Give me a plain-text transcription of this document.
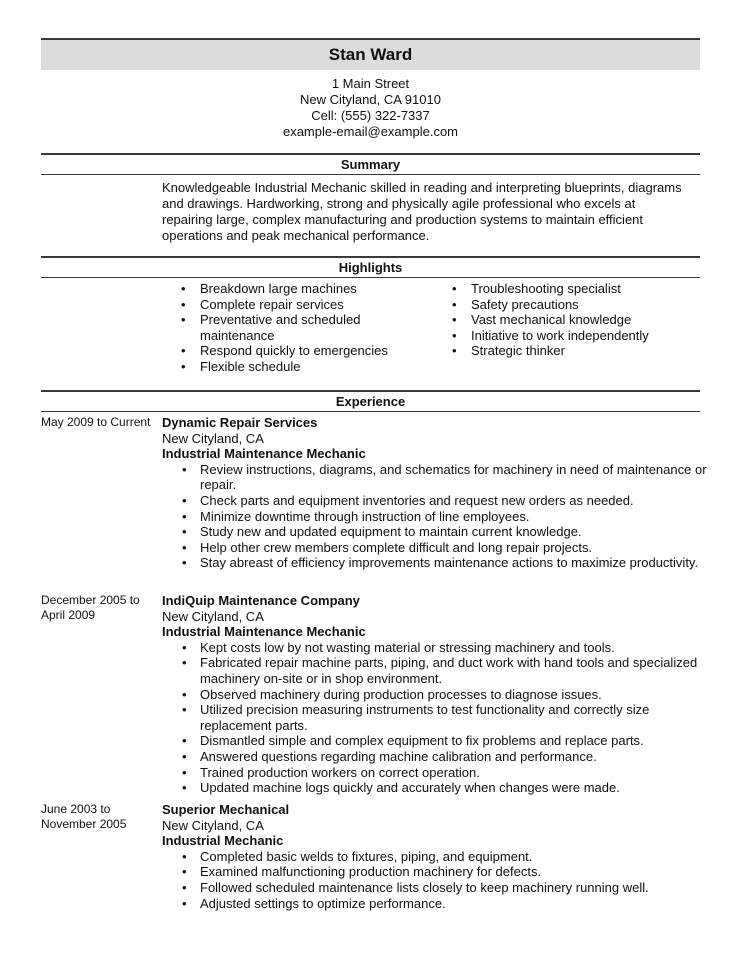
Stan Ward
1 Main Street
New Cityland, CA 91010
Cell: (555) 322-7337
example-email@example.com
Summary
Knowledgeable Industrial Mechanic skilled in reading and interpreting blueprints, diagrams
and drawings. Hardworking, strong and physically agile professional who excels at
repairing large, complex manufacturing and production systems to maintain efficient
operations and peak mechanical performance.
Highlights
• Breakdown large machines
• Complete repair services
• Preventative and scheduled maintenance
• Respond quickly to emergencies
• Flexible schedule
• Troubleshooting specialist
• Safety precautions
• Vast mechanical knowledge
• Initiative to work independently
• Strategic thinker
Experience
May 2009 to Current Dynamic Repair Services
New Cityland, CA
Industrial Maintenance Mechanic
• Review instructions, diagrams, and schematics for machinery in need of maintenance or repair.
• Check parts and equipment inventories and request new orders as needed.
• Minimize downtime through instruction of line employees.
• Study new and updated equipment to maintain current knowledge.
• Help other crew members complete difficult and long repair projects.
• Stay abreast of efficiency improvements maintenance actions to maximize productivity.
December 2005 to April 2009
IndiQuip Maintenance Company
New Cityland, CA
Industrial Maintenance Mechanic
• Kept costs low by not wasting material or stressing machinery and tools.
• Fabricated repair machine parts, piping, and duct work with hand tools and specialized machinery on-site or in shop environment.
• Observed machinery during production processes to diagnose issues.
• Utilized precision measuring instruments to test functionality and correctly size replacement parts.
• Dismantled simple and complex equipment to fix problems and replace parts.
• Answered questions regarding machine calibration and performance.
• Trained production workers on correct operation.
• Updated machine logs quickly and accurately when changes were made.
June 2003 to November 2005
Superior Mechanical
New Cityland, CA
Industrial Mechanic
• Completed basic welds to fixtures, piping, and equipment.
• Examined malfunctioning production machinery for defects.
• Followed scheduled maintenance lists closely to keep machinery running well.
• Adjusted settings to optimize performance.
